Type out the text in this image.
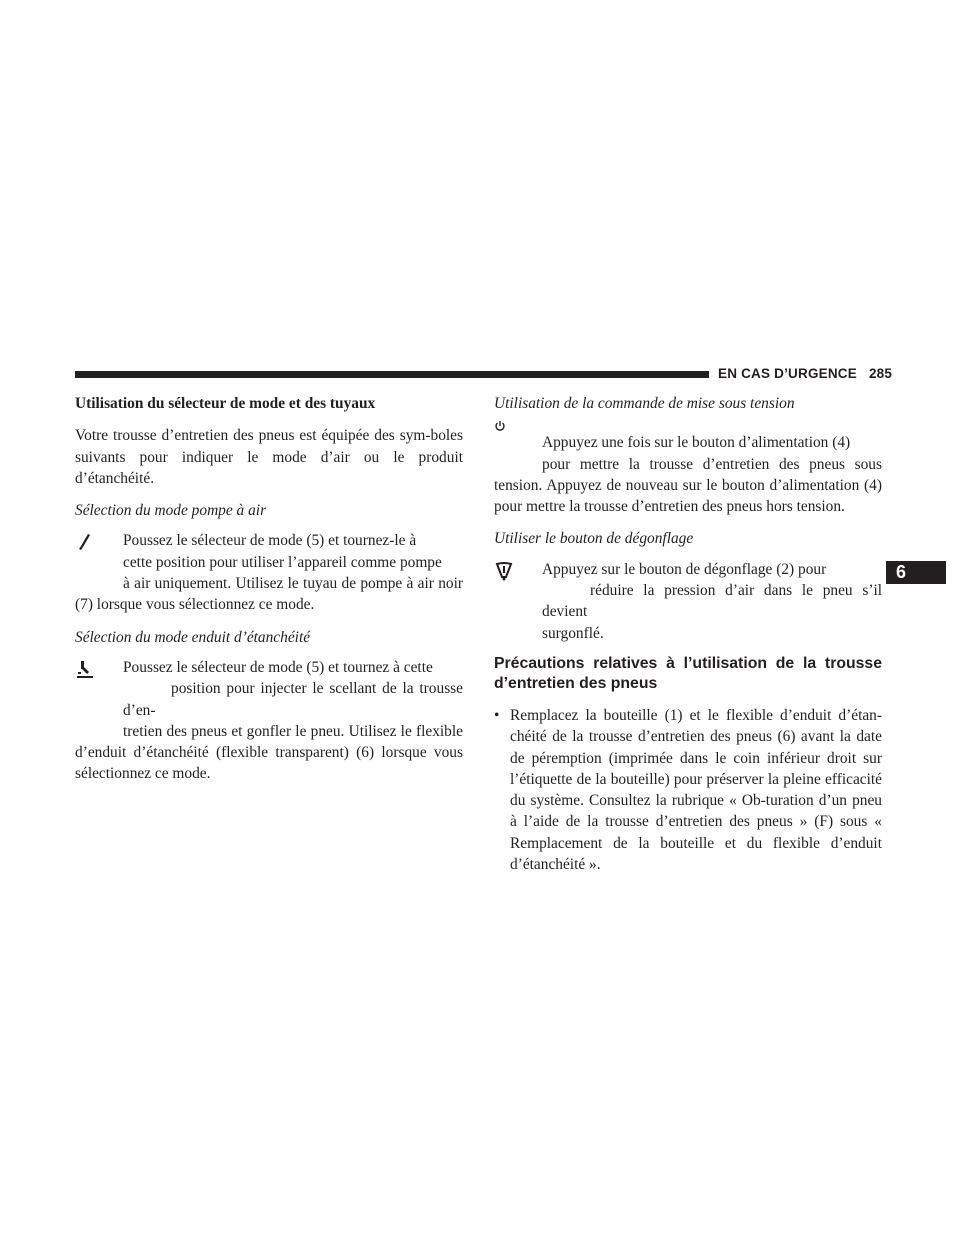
EN CAS D’URGENCE 285
6

Utilisation du sélecteur de mode et des tuyaux

Votre trousse d’entretien des pneus est équipée des sym-boles suivants pour indiquer le mode d’air ou le produit d’étanchéité.

Sélection du mode pompe à air

Poussez le sélecteur de mode (5) et tournez-le à

cette position pour utiliser l’appareil comme pompe

à air uniquement. Utilisez le tuyau de pompe à air noir (7) lorsque vous sélectionnez ce mode.

Sélection du mode enduit d’étanchéité

Poussez le sélecteur de mode (5) et tournez à cette

position pour injecter le scellant de la trousse d’en-

tretien des pneus et gonfler le pneu. Utilisez le flexible d’enduit d’étanchéité (flexible transparent) (6) lorsque vous sélectionnez ce mode.

Utilisation de la commande de mise sous tension

Appuyez une fois sur le bouton d’alimentation (4)

pour mettre la trousse d’entretien des pneus sous tension. Appuyez de nouveau sur le bouton d’alimentation (4) pour mettre la trousse d’entretien des pneus hors tension.

Utiliser le bouton de dégonflage

Appuyez sur le bouton de dégonflage (2) pour

réduire la pression d’air dans le pneu s’il devient

surgonflé.

Précautions relatives à l’utilisation de la trousse d’entretien des pneus

• Remplacez la bouteille (1) et le flexible d’enduit d’étan-chéité de la trousse d’entretien des pneus (6) avant la date de péremption (imprimée dans le coin inférieur droit sur l’étiquette de la bouteille) pour préserver la pleine efficacité du système. Consultez la rubrique « Ob-turation d’un pneu à l’aide de la trousse d’entretien des pneus » (F) sous « Remplacement de la bouteille et du flexible d’enduit d’étanchéité ».
